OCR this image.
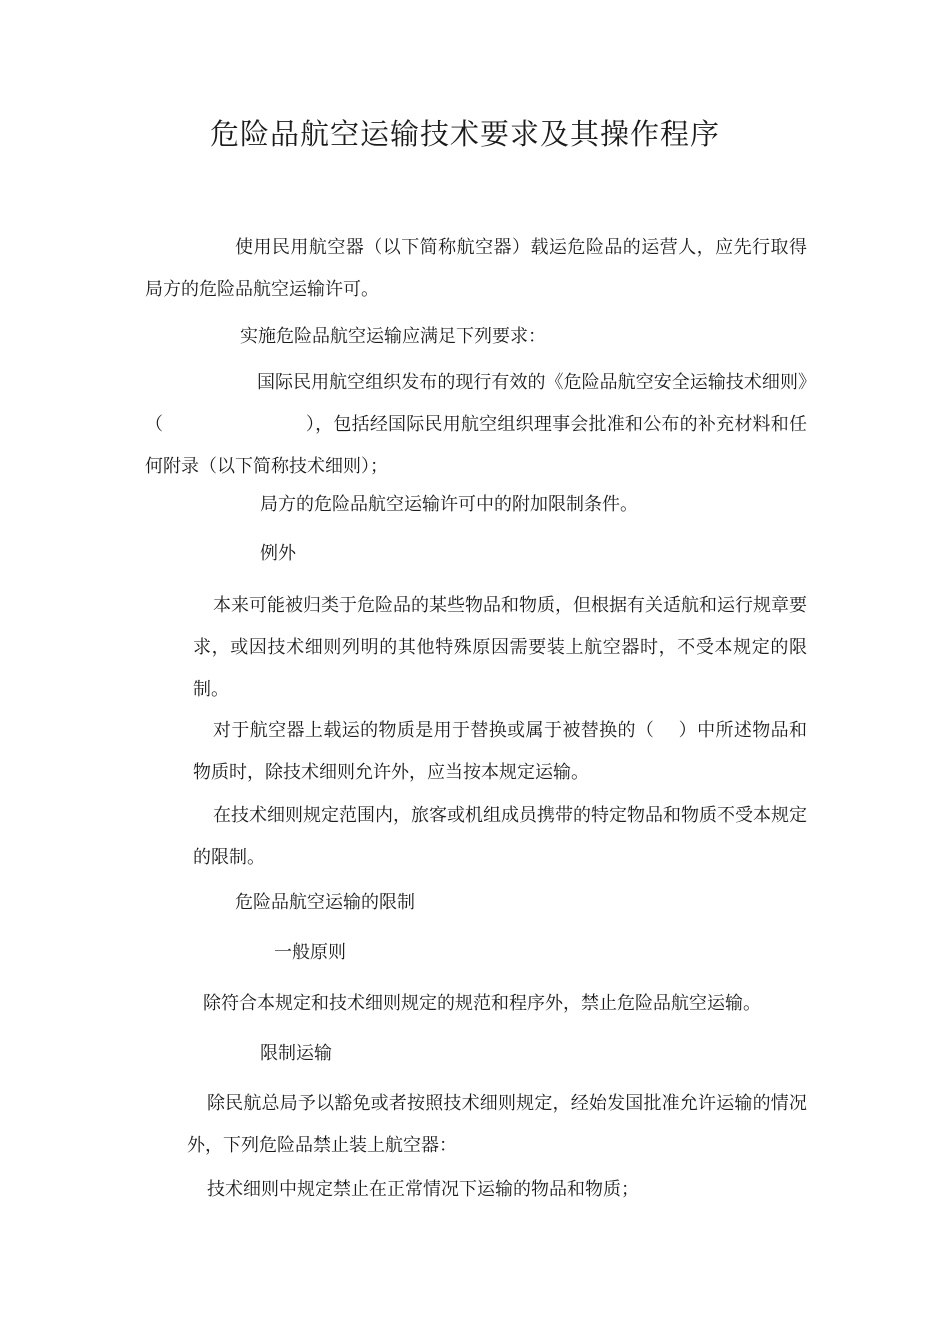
危险品航空运输技术要求及其操作程序

使用民用航空器（以下简称航空器）载运危险品的运营人，应先行取得局方的危险品航空运输许可。

实施危险品航空运输应满足下列要求：

国际民用航空组织发布的现行有效的《危险品航空安全运输技术细则》（                        ），包括经国际民用航空组织理事会批准和公布的补充材料和任何附录（以下简称技术细则）；

局方的危险品航空运输许可中的附加限制条件。

例外

本来可能被归类于危险品的某些物品和物质，但根据有关适航和运行规章要求，或因技术细则列明的其他特殊原因需要装上航空器时，不受本规定的限制。

对于航空器上载运的物质是用于替换或属于被替换的（    ）中所述物品和物质时，除技术细则允许外，应当按本规定运输。

在技术细则规定范围内，旅客或机组成员携带的特定物品和物质不受本规定的限制。

危险品航空运输的限制

一般原则

除符合本规定和技术细则规定的规范和程序外，禁止危险品航空运输。

限制运输

除民航总局予以豁免或者按照技术细则规定，经始发国批准允许运输的情况外，下列危险品禁止装上航空器：

技术细则中规定禁止在正常情况下运输的物品和物质；
